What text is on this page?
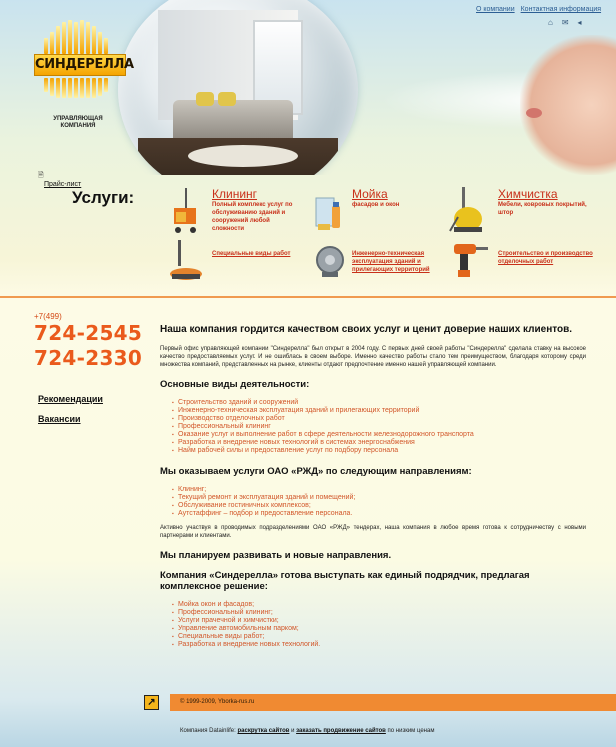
СИНДЕРЕЛЛА
УПРАВЛЯЮЩАЯ КОМПАНИЯ
О компании Контактная информация
⌂ ✉ ◂
🗎
Прайс-лист
Услуги:	Клининг
Полный комплекс услуг по обслуживанию зданий и сооружений любой сложности
Мойка
фасадов и окон
Химчистка
Мебели, ковровых покрытий, штор
Специальные виды работ	Инженерно-техническая эксплуатация зданий и прилегающих территорий
Строительство и производство отделочных работ
+7(499)
724-2545
724-2330
Рекомендации
Вакансии
Наша компания гордится качеством своих услуг и ценит доверие наших клиентов.
Первый офис управляющей компании "Синдерелла" был открыт в 2004 году. С первых дней своей работы "Синдерелла" сделала ставку на высокое качество предоставляемых услуг. И не ошиблась в своем выборе. Именно качество работы стало тем преимуществом, благодаря которому среди множества компаний, представленных на рынке, клиенты отдают предпочтение именно нашей управляющей компании.
Основные виды деятельности:
▪ Строительство зданий и сооружений
▪ Инженерно-техническая эксплуатация зданий и прилегающих территорий
▪ Производство отделочных работ
▪ Профессиональный клининг
▪ Оказание услуг и выполнение работ в сфере деятельности железнодорожного транспорта
▪ Разработка и внедрение новых технологий в системах энергоснабжения
▪ Найм рабочей силы и предоставление услуг по подбору персонала
Мы оказываем услуги ОАО «РЖД» по следующим направлениям:
▪ Клининг;
▪ Текущий ремонт и эксплуатация зданий и помещений;
▪ Обслуживание гостиничных комплексов;
▪ Аутстаффинг – подбор и предоставление персонала.
Активно участвуя в проводимых подразделениями ОАО «РЖД» тендерах, наша компания в любое время готова к сотрудничеству с новыми партнерами и клиентами.
Мы планируем развивать и новые направления.
Компания «Синдерелла» готова выступать как единый подрядчик, предлагая комплексное решение:
▪ Мойка окон и фасадов;
▪ Профессиональный клининг;
▪ Услуги прачечной и химчистки;
▪ Управление автомобильным парком;
▪ Специальные виды работ;
▪ Разработка и внедрение новых технологий.
↗	© 1999-2009, Yborka-rus.ru
Компания Datainlife: раскрутка сайтов и заказать продвижение сайтов по низким ценам
